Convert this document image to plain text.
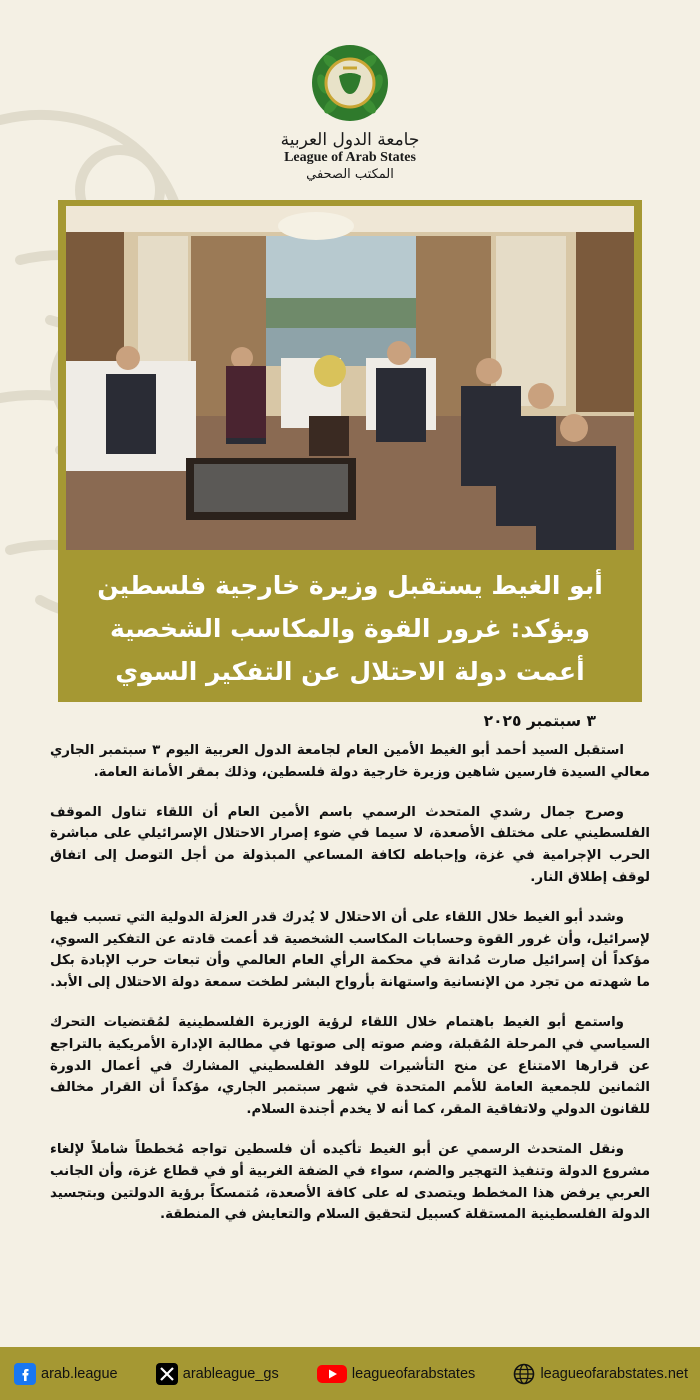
جامعة الدول العربية
League of Arab States
المكتب الصحفي
أبو الغيط يستقبل وزيرة خارجية فلسطين
ويؤكد: غرور القوة والمكاسب الشخصية
أعمت دولة الاحتلال عن التفكير السوي
٣ سبتمبر ٢٠٢٥

استقبل السيد أحمد أبو الغيط الأمين العام لجامعة الدول العربية اليوم ٣ سبتمبر الجاري معالي السيدة فارسين شاهين وزيرة خارجية دولة فلسطين، وذلك بمقر الأمانة العامة.

وصرح جمال رشدي المتحدث الرسمي باسم الأمين العام أن اللقاء تناول الموقف الفلسطيني على مختلف الأصعدة، لا سيما في ضوء إصرار الاحتلال الإسرائيلي على مباشرة الحرب الإجرامية في غزة، وإحباطه لكافة المساعي المبذولة من أجل التوصل إلى اتفاق لوقف إطلاق النار.

وشدد أبو الغيط خلال اللقاء على أن الاحتلال لا يُدرك قدر العزلة الدولية التي تسبب فيها لإسرائيل، وأن غرور القوة وحسابات المكاسب الشخصية قد أعمت قادته عن التفكير السوي، مؤكداً أن إسرائيل صارت مُدانة في محكمة الرأي العام العالمي وأن تبعات حرب الإبادة بكل ما شهدته من تجرد من الإنسانية واستهانة بأرواح البشر لطخت سمعة دولة الاحتلال إلى الأبد.

واستمع أبو الغيط باهتمام خلال اللقاء لرؤية الوزيرة الفلسطينية لمُقتضيات التحرك السياسي في المرحلة المُقبلة، وضم صوته إلى صوتها في مطالبة الإدارة الأمريكية بالتراجع عن قرارها الامتناع عن منح التأشيرات للوفد الفلسطيني المشارك في أعمال الدورة الثمانين للجمعية العامة للأمم المتحدة في شهر سبتمبر الجاري، مؤكداً أن القرار مخالف للقانون الدولي ولاتفاقية المقر، كما أنه لا يخدم أجندة السلام.

ونقل المتحدث الرسمي عن أبو الغيط تأكيده أن فلسطين تواجه مُخططاً شاملاً لإلغاء مشروع الدولة وتنفيذ التهجير والضم، سواء في الضفة الغربية أو في قطاع غزة، وأن الجانب العربي يرفض هذا المخطط ويتصدى له على كافة الأصعدة، مُتمسكاً برؤية الدولتين وبتجسيد الدولة الفلسطينية المستقلة كسبيل لتحقيق السلام والتعايش في المنطقة.

arab.league	arableague_gs	leagueofarabstates	leagueofarabstates.net
